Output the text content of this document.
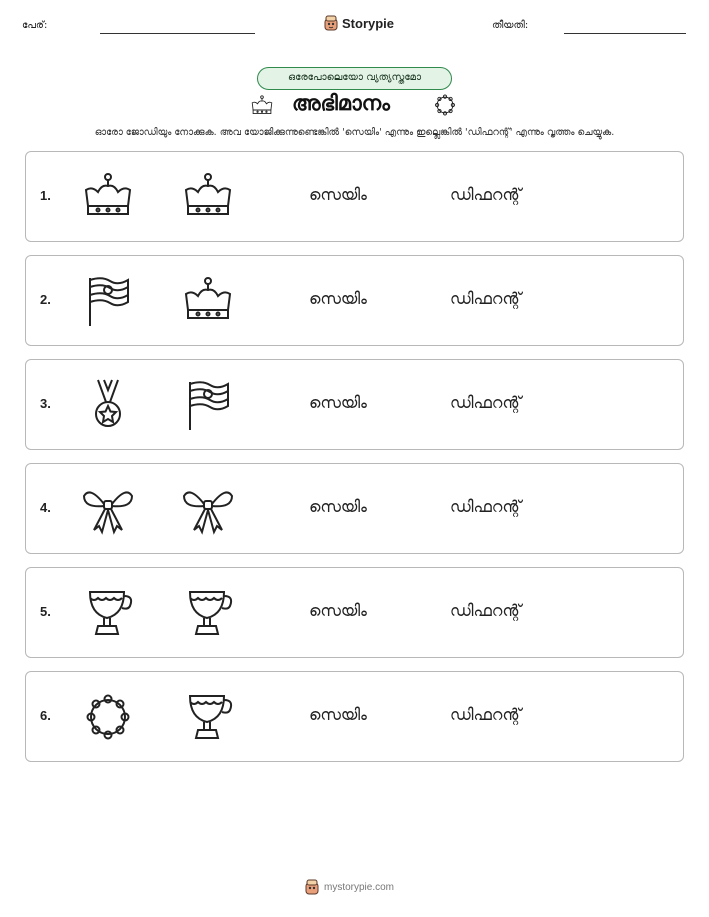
പേര്:	Storypie	തീയതി:
ഒരേപോലെയോ വ്യത്യസ്തമോ
അഭിമാനം
ഓരോ ജോഡിയും നോക്കുക. അവ യോജിക്കുന്നുണ്ടെങ്കിൽ 'സെയിം' എന്നും ഇല്ലെങ്കിൽ 'ഡിഫറന്റ്' എന്നും വൃത്തം ചെയ്യുക.
1.	സെയിം	ഡിഫറന്റ്
2.	സെയിം	ഡിഫറന്റ്
3.	സെയിം	ഡിഫറന്റ്
4.	സെയിം	ഡിഫറന്റ്
5.	സെയിം	ഡിഫറന്റ്
6.	സെയിം	ഡിഫറന്റ്
mystorypie.com
